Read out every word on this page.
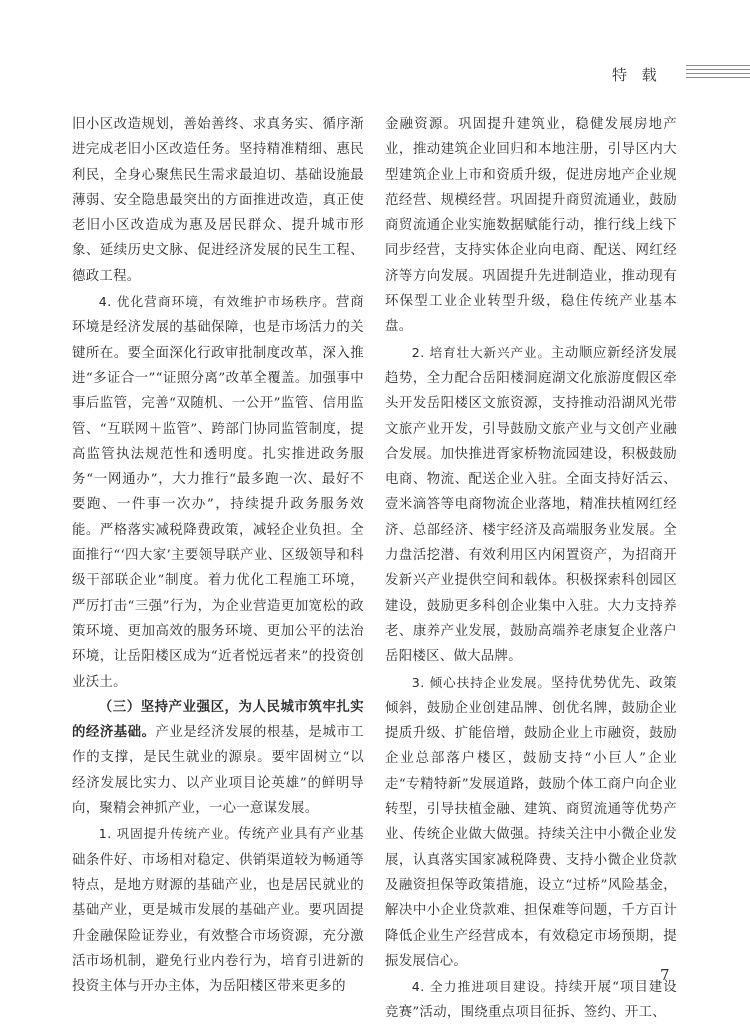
特 载

旧小区改造规划，善始善终、求真务实、循序渐进完成老旧小区改造任务。坚持精准精细、惠民利民，全身心聚焦民生需求最迫切、基础设施最薄弱、安全隐患最突出的方面推进改造，真正使老旧小区改造成为惠及居民群众、提升城市形象、延续历史文脉、促进经济发展的民生工程、德政工程。

4. 优化营商环境，有效维护市场秩序。营商环境是经济发展的基础保障，也是市场活力的关键所在。要全面深化行政审批制度改革，深入推进“多证合一”“证照分离”改革全覆盖。加强事中事后监管，完善“双随机、一公开”监管、信用监管、“互联网＋监管”、跨部门协同监管制度，提高监管执法规范性和透明度。扎实推进政务服务“一网通办”，大力推行“最多跑一次、最好不要跑、一件事一次办”，持续提升政务服务效能。严格落实减税降费政策，减轻企业负担。全面推行“‘四大家’主要领导联产业、区级领导和科级干部联企业”制度。着力优化工程施工环境，严厉打击“三强”行为，为企业营造更加宽松的政策环境、更加高效的服务环境、更加公平的法治环境，让岳阳楼区成为“近者悦远者来”的投资创业沃土。

（三）坚持产业强区，为人民城市筑牢扎实的经济基础。产业是经济发展的根基，是城市工作的支撑，是民生就业的源泉。要牢固树立“以经济发展比实力、以产业项目论英雄”的鲜明导向，聚精会神抓产业，一心一意谋发展。

1. 巩固提升传统产业。传统产业具有产业基础条件好、市场相对稳定、供销渠道较为畅通等特点，是地方财源的基础产业，也是居民就业的基础产业，更是城市发展的基础产业。要巩固提升金融保险证券业，有效整合市场资源，充分激活市场机制，避免行业内卷行为，培育引进新的投资主体与开办主体，为岳阳楼区带来更多的

金融资源。巩固提升建筑业，稳健发展房地产业，推动建筑企业回归和本地注册，引导区内大型建筑企业上市和资质升级，促进房地产企业规范经营、规模经营。巩固提升商贸流通业，鼓励商贸流通企业实施数据赋能行动，推行线上线下同步经营，支持实体企业向电商、配送、网红经济等方向发展。巩固提升先进制造业，推动现有环保型工业企业转型升级，稳住传统产业基本盘。

2. 培育壮大新兴产业。主动顺应新经济发展趋势，全力配合岳阳楼洞庭湖文化旅游度假区牵头开发岳阳楼区文旅资源，支持推动沿湖风光带文旅产业开发，引导鼓励文旅产业与文创产业融合发展。加快推进胥家桥物流园建设，积极鼓励电商、物流、配送企业入驻。全面支持好活云、壹米滴答等电商物流企业落地，精准扶植网红经济、总部经济、楼宇经济及高端服务业发展。全力盘活挖潜、有效利用区内闲置资产，为招商开发新兴产业提供空间和载体。积极探索科创园区建设，鼓励更多科创企业集中入驻。大力支持养老、康养产业发展，鼓励高端养老康复企业落户岳阳楼区、做大品牌。

3. 倾心扶持企业发展。坚持优势优先、政策倾斜，鼓励企业创建品牌、创优名牌，鼓励企业提质升级、扩能倍增，鼓励企业上市融资，鼓励企业总部落户楼区，鼓励支持“小巨人”企业走“专精特新”发展道路，鼓励个体工商户向企业转型，引导扶植金融、建筑、商贸流通等优势产业、传统企业做大做强。持续关注中小微企业发展，认真落实国家减税降费、支持小微企业贷款及融资担保等政策措施，设立“过桥”风险基金，解决中小企业贷款难、担保难等问题，千方百计降低企业生产经营成本，有效稳定市场预期，提振发展信心。

4. 全力推进项目建设。持续开展“项目建设竞赛”活动，围绕重点项目征拆、签约、开工、

7
